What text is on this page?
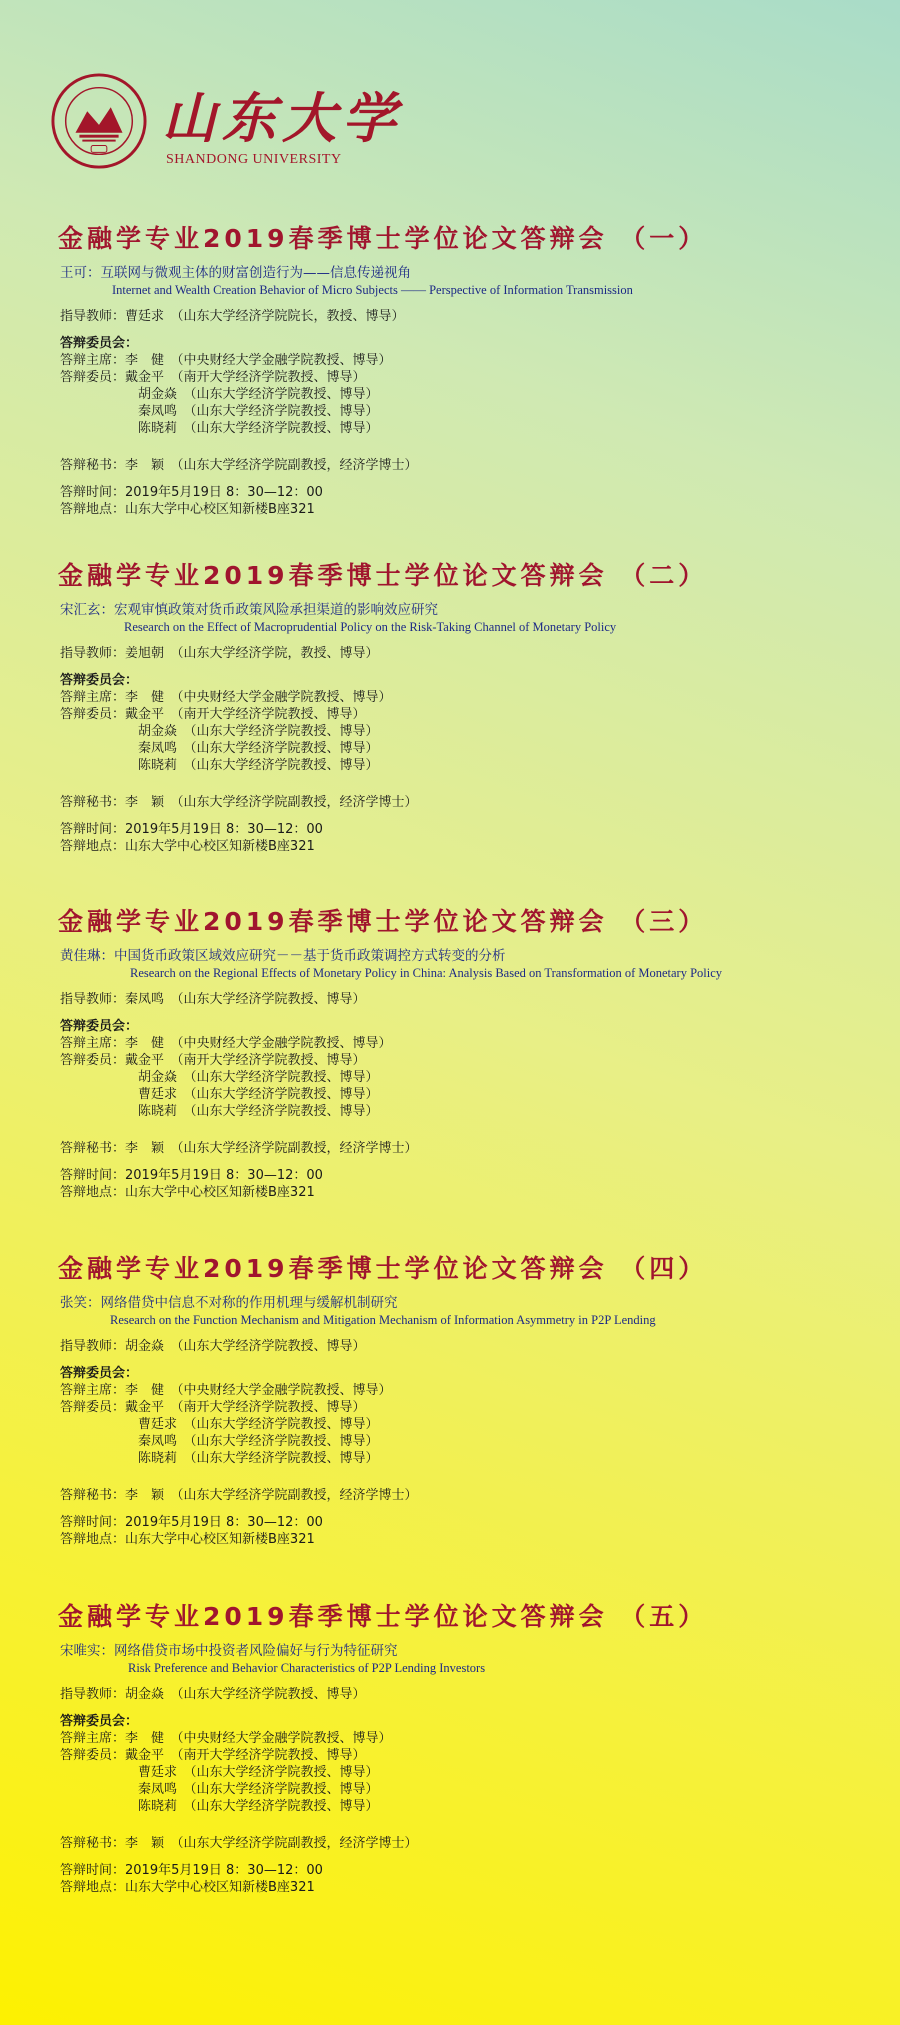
山东大学
SHANDONG UNIVERSITY
金融学专业2019春季博士学位论文答辩会 （一）
王可：互联网与微观主体的财富创造行为——信息传递视角
Internet and Wealth Creation Behavior of Micro Subjects —— Perspective of Information Transmission
指导教师：曹廷求　（山东大学经济学院院长，教授、博导）
答辩委员会：
答辩主席：李　健　（中央财经大学金融学院教授、博导）
答辩委员：戴金平　（南开大学经济学院教授、博导）
胡金焱　（山东大学经济学院教授、博导）
秦凤鸣　（山东大学经济学院教授、博导）
陈晓莉　（山东大学经济学院教授、博导）
答辩秘书：李　颖　（山东大学经济学院副教授，经济学博士）
答辩时间：2019年5月19日 8：30—12：00
答辩地点：山东大学中心校区知新楼B座321
金融学专业2019春季博士学位论文答辩会 （二）
宋汇玄：宏观审慎政策对货币政策风险承担渠道的影响效应研究
Research on the Effect of Macroprudential Policy on the Risk-Taking Channel of Monetary Policy
指导教师：姜旭朝　（山东大学经济学院，教授、博导）
答辩委员会：
答辩主席：李　健　（中央财经大学金融学院教授、博导）
答辩委员：戴金平　（南开大学经济学院教授、博导）
胡金焱　（山东大学经济学院教授、博导）
秦凤鸣　（山东大学经济学院教授、博导）
陈晓莉　（山东大学经济学院教授、博导）
答辩秘书：李　颖　（山东大学经济学院副教授，经济学博士）
答辩时间：2019年5月19日 8：30—12：00
答辩地点：山东大学中心校区知新楼B座321
金融学专业2019春季博士学位论文答辩会 （三）
黄佳琳：中国货币政策区域效应研究－－基于货币政策调控方式转变的分析
Research on the Regional Effects of Monetary Policy in China: Analysis Based on Transformation of Monetary Policy
指导教师：秦凤鸣　（山东大学经济学院教授、博导）
答辩委员会：
答辩主席：李　健　（中央财经大学金融学院教授、博导）
答辩委员：戴金平　（南开大学经济学院教授、博导）
胡金焱　（山东大学经济学院教授、博导）
曹廷求　（山东大学经济学院教授、博导）
陈晓莉　（山东大学经济学院教授、博导）
答辩秘书：李　颖　（山东大学经济学院副教授，经济学博士）
答辩时间：2019年5月19日 8：30—12：00
答辩地点：山东大学中心校区知新楼B座321
金融学专业2019春季博士学位论文答辩会 （四）
张笑：网络借贷中信息不对称的作用机理与缓解机制研究
Research on the Function Mechanism and Mitigation Mechanism of Information Asymmetry in P2P Lending
指导教师：胡金焱　（山东大学经济学院教授、博导）
答辩委员会：
答辩主席：李　健　（中央财经大学金融学院教授、博导）
答辩委员：戴金平　（南开大学经济学院教授、博导）
曹廷求　（山东大学经济学院教授、博导）
秦凤鸣　（山东大学经济学院教授、博导）
陈晓莉　（山东大学经济学院教授、博导）
答辩秘书：李　颖　（山东大学经济学院副教授，经济学博士）
答辩时间：2019年5月19日 8：30—12：00
答辩地点：山东大学中心校区知新楼B座321
金融学专业2019春季博士学位论文答辩会 （五）
宋唯实：网络借贷市场中投资者风险偏好与行为特征研究
Risk Preference and Behavior Characteristics of P2P Lending Investors
指导教师：胡金焱　（山东大学经济学院教授、博导）
答辩委员会：
答辩主席：李　健　（中央财经大学金融学院教授、博导）
答辩委员：戴金平　（南开大学经济学院教授、博导）
曹廷求　（山东大学经济学院教授、博导）
秦凤鸣　（山东大学经济学院教授、博导）
陈晓莉　（山东大学经济学院教授、博导）
答辩秘书：李　颖　（山东大学经济学院副教授，经济学博士）
答辩时间：2019年5月19日 8：30—12：00
答辩地点：山东大学中心校区知新楼B座321
